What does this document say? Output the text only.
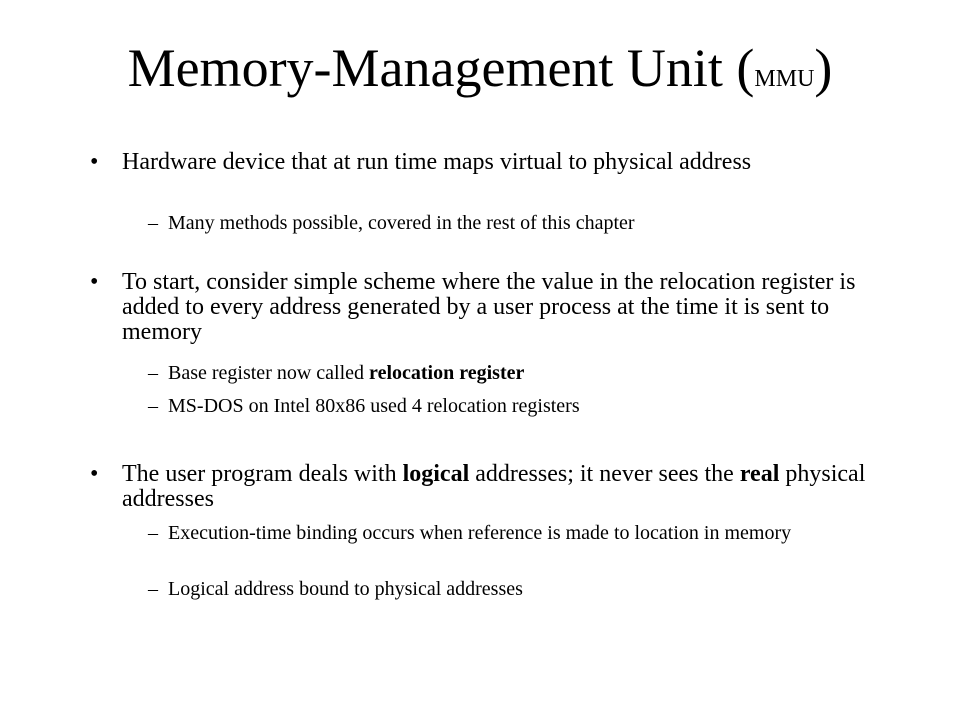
Memory-Management Unit (MMU)
• Hardware device that at run time maps virtual to physical address
– Many methods possible, covered in the rest of this chapter
• To start, consider simple scheme where the value in the relocation register is added to every address generated by a user process at the time it is sent to memory
– Base register now called relocation register
– MS-DOS on Intel 80x86 used 4 relocation registers
• The user program deals with logical addresses; it never sees the real physical addresses
– Execution-time binding occurs when reference is made to location in memory
– Logical address bound to physical addresses
